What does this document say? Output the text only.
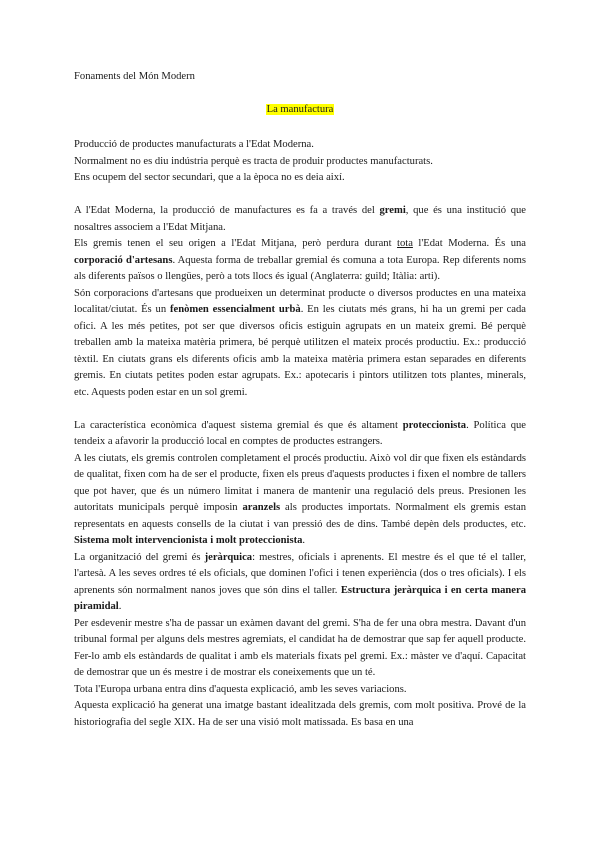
Fonaments del Món Modern

La manufactura

Producció de productes manufacturats a l'Edat Moderna.

Normalment no es diu indústria perquè es tracta de produir productes manufacturats.

Ens ocupem del sector secundari, que a la època no es deia així.

A l'Edat Moderna, la producció de manufactures es fa a través del gremi, que és una institució que nosaltres associem a l'Edat Mitjana.

Els gremis tenen el seu origen a l'Edat Mitjana, però perdura durant tota l'Edat Moderna. És una corporació d'artesans. Aquesta forma de treballar gremial és comuna a tota Europa. Rep diferents noms als diferents països o llengües, però a tots llocs és igual (Anglaterra: guild; Itàlia: arti).

Són corporacions d'artesans que produeixen un determinat producte o diversos productes en una mateixa localitat/ciutat. És un fenòmen essencialment urbà. En les ciutats més grans, hi ha un gremi per cada ofici. A les més petites, pot ser que diversos oficis estiguin agrupats en un mateix gremi. Bé perquè treballen amb la mateixa matèria primera, bé perquè utilitzen el mateix procés productiu. Ex.: producció tèxtil. En ciutats grans els diferents oficis amb la mateixa matèria primera estan separades en diferents gremis. En ciutats petites poden estar agrupats. Ex.: apotecaris i pintors utilitzen tots plantes, minerals, etc. Aquests poden estar en un sol gremi.

La característica econòmica d'aquest sistema gremial és que és altament proteccionista. Política que tendeix a afavorir la producció local en comptes de productes estrangers.

A les ciutats, els gremis controlen completament el procés productiu. Això vol dir que fixen els estàndards de qualitat, fixen com ha de ser el producte, fixen els preus d'aquests productes i fixen el nombre de tallers que pot haver, que és un número limitat i manera de mantenir una regulació dels preus. Presionen les autoritats municipals perquè imposin aranzels als productes importats. Normalment els gremis estan representats en aquests consells de la ciutat i van pressió des de dins. També depèn dels productes, etc. Sistema molt intervencionista i molt proteccionista.

La organització del gremi és jeràrquica: mestres, oficials i aprenents. El mestre és el que té el taller, l'artesà. A les seves ordres té els oficials, que dominen l'ofici i tenen experiència (dos o tres oficials). I els aprenents són normalment nanos joves que són dins el taller. Estructura jeràrquica i en certa manera piramidal.

Per esdevenir mestre s'ha de passar un exàmen davant del gremi. S'ha de fer una obra mestra. Davant d'un tribunal formal per alguns dels mestres agremiats, el candidat ha de demostrar que sap fer aquell producte. Fer-lo amb els estàndards de qualitat i amb els materials fixats pel gremi. Ex.: màster ve d'aquí. Capacitat de demostrar que un és mestre i de mostrar els coneixements que un té.

Tota l'Europa urbana entra dins d'aquesta explicació, amb les seves variacions.

Aquesta explicació ha generat una imatge bastant idealitzada dels gremis, com molt positiva. Prové de la historiografia del segle XIX. Ha de ser una visió molt matissada. Es basa en una
